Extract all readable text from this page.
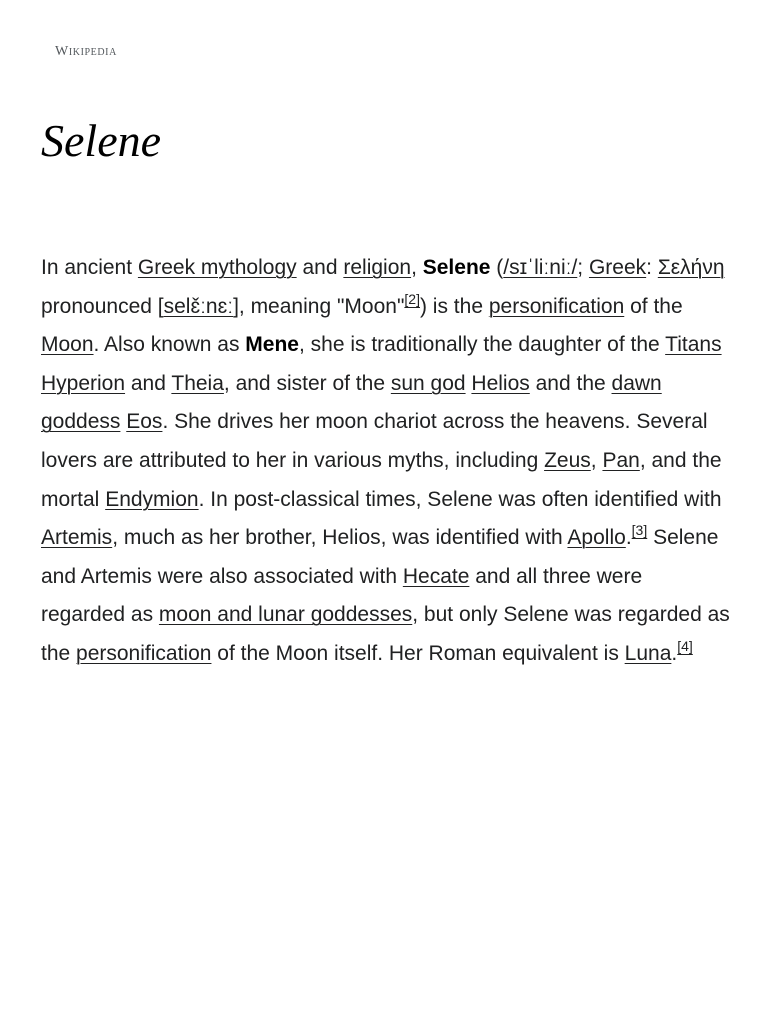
Wikipedia
Selene

In ancient Greek mythology and religion, Selene (/sɪˈliːniː/; Greek: Σελήνη pronounced [selɛ̌ːnɛː], meaning "Moon"[2]) is the personification of the Moon. Also known as Mene, she is traditionally the daughter of the Titans Hyperion and Theia, and sister of the sun god Helios and the dawn goddess Eos. She drives her moon chariot across the heavens. Several lovers are attributed to her in various myths, including Zeus, Pan, and the mortal Endymion. In post-classical times, Selene was often identified with Artemis, much as her brother, Helios, was identified with Apollo.[3] Selene and Artemis were also associated with Hecate and all three were regarded as moon and lunar goddesses, but only Selene was regarded as the personification of the Moon itself. Her Roman equivalent is Luna.[4]
